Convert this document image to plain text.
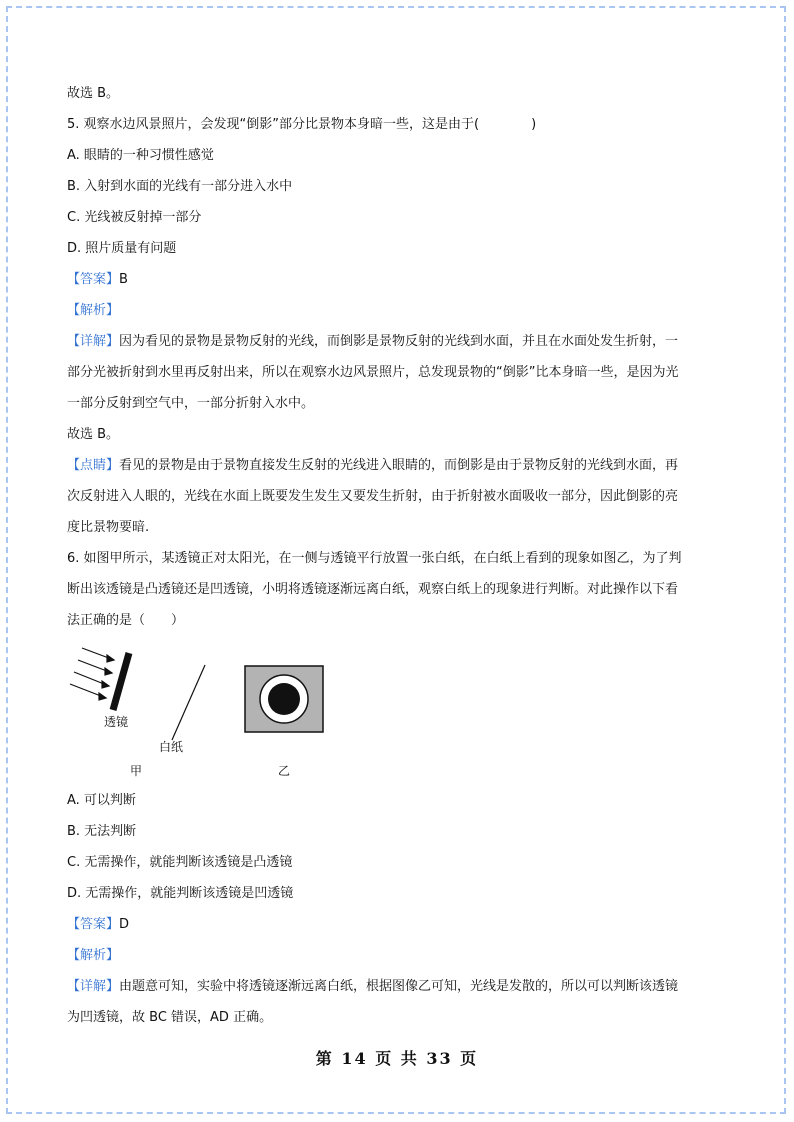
故选 B。
5. 观察水边风景照片，会发现“倒影”部分比景物本身暗一些，这是由于(　　　　)
A. 眼睛的一种习惯性感觉
B. 入射到水面的光线有一部分进入水中
C. 光线被反射掉一部分
D. 照片质量有问题
【答案】B
【解析】
【详解】因为看见的景物是景物反射的光线，而倒影是景物反射的光线到水面，并且在水面处发生折射，一
部分光被折射到水里再反射出来，所以在观察水边风景照片，总发现景物的“倒影”比本身暗一些，是因为光
一部分反射到空气中，一部分折射入水中。
故选 B。
【点睛】看见的景物是由于景物直接发生反射的光线进入眼睛的，而倒影是由于景物反射的光线到水面，再
次反射进入人眼的，光线在水面上既要发生发生又要发生折射，由于折射被水面吸收一部分，因此倒影的亮
度比景物要暗.
6. 如图甲所示，某透镜正对太阳光，在一侧与透镜平行放置一张白纸，在白纸上看到的现象如图乙，为了判
断出该透镜是凸透镜还是凹透镜，小明将透镜逐渐远离白纸，观察白纸上的现象进行判断。对此操作以下看
法正确的是（　　）
透镜
白纸
甲	乙
A. 可以判断
B. 无法判断
C. 无需操作，就能判断该透镜是凸透镜
D. 无需操作，就能判断该透镜是凹透镜
【答案】D
【解析】
【详解】由题意可知，实验中将透镜逐渐远离白纸，根据图像乙可知，光线是发散的，所以可以判断该透镜
为凹透镜，故 BC 错误，AD 正确。
第 14 页 共 33 页
